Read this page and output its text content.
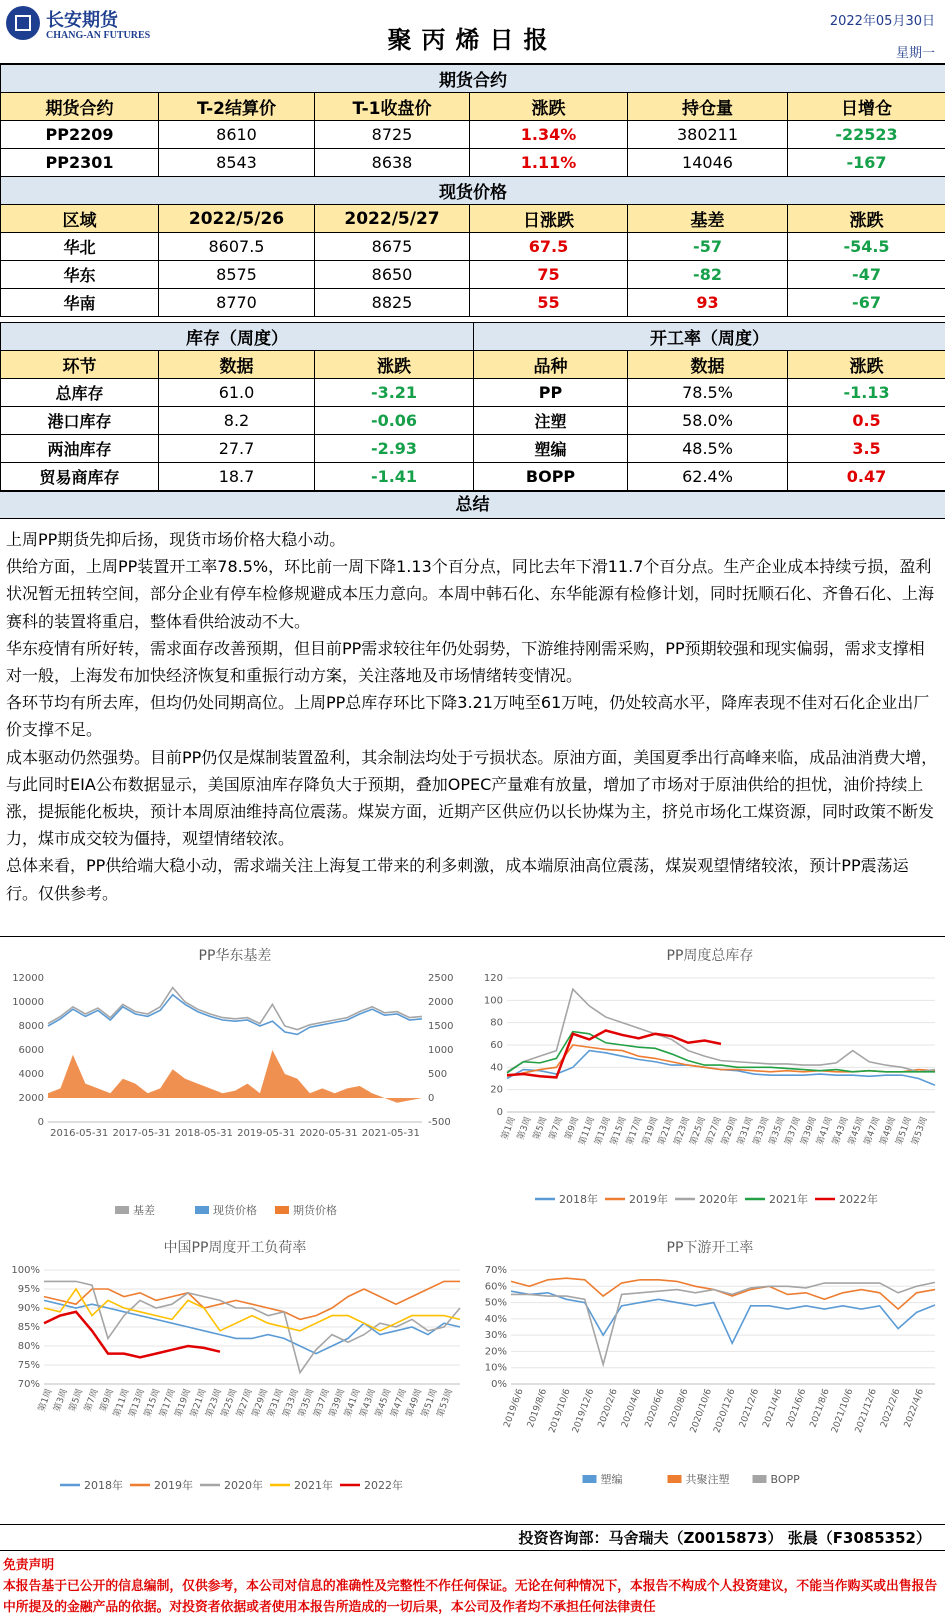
长安期货
CHANG-AN FUTURES	聚丙烯日报
2022年05月30日
星期一
期货合约					
期货合约	T-2结算价	T-1收盘价	涨跌	持仓量	日增仓
PP2209	8610	8725	1.34%	380211	-22523
PP2301	8543	8638	1.11%	14046	-167
现货价格					
区域	2022/5/26	2022/5/27	日涨跌	基差	涨跌
华北	8607.5	8675	67.5	-57	-54.5
华东	8575	8650	75	-82	-47
华南	8770	8825	55	93	-67
库存（周度）			开工率（周度）		
环节	数据	涨跌	品种	数据	涨跌
总库存	61.0	-3.21	PP	78.5%	-1.13
港口库存	8.2	-0.06	注塑	58.0%	0.5
两油库存	27.7	-2.93	塑编	48.5%	3.5
贸易商库存	18.7	-1.41	BOPP	62.4%	0.47
总结

上周PP期货先抑后扬，现货市场价格大稳小动。

供给方面，上周PP装置开工率78.5%，环比前一周下降1.13个百分点，同比去年下滑11.7个百分点。生产企业成本持续亏损，盈利状况暂无扭转空间，部分企业有停车检修规避成本压力意向。本周中韩石化、东华能源有检修计划，同时抚顺石化、齐鲁石化、上海赛科的装置将重启，整体看供给波动不大。

华东疫情有所好转，需求面存改善预期，但目前PP需求较往年仍处弱势，下游维持刚需采购，PP预期较强和现实偏弱，需求支撑相对一般，上海发布加快经济恢复和重振行动方案，关注落地及市场情绪转变情况。

各环节均有所去库，但均仍处同期高位。上周PP总库存环比下降3.21万吨至61万吨，仍处较高水平，降库表现不佳对石化企业出厂价支撑不足。

成本驱动仍然强势。目前PP仍仅是煤制装置盈利，其余制法均处于亏损状态。原油方面，美国夏季出行高峰来临，成品油消费大增，与此同时EIA公布数据显示，美国原油库存降负大于预期，叠加OPEC产量难有放量，增加了市场对于原油供给的担忧，油价持续上涨，提振能化板块，预计本周原油维持高位震荡。煤炭方面，近期产区供应仍以长协煤为主，挤兑市场化工煤资源，同时政策不断发力，煤市成交较为僵持，观望情绪较浓。

总体来看，PP供给端大稳小动，需求端关注上海复工带来的利多刺激，成本端原油高位震荡，煤炭观望情绪较浓，预计PP震荡运行。仅供参考。

PP华东基差
12000
10000
8000
6000
4000
2000
0
2500
2000
1500
1000
500
0
-500
2016-05-31 2017-05-31 2018-05-31 2019-05-31 2020-05-31 2021-05-31
基差	现货价格	期货价格
PP周度总库存
120
100
80
60
40
20
0
第1周
第3周
第5周
第7周
第9周
第11周
第13周
第15周
第17周
第19周
第21周
第23周
第25周
第27周
第29周
第31周
第33周
第35周
第37周
第39周
第41周
第43周
第45周
第47周
第49周
第51周
第53周
2018年	2019年	2020年	2021年	2022年
中国PP周度开工负荷率
100%
95%
90%
85%
80%
75%
70%
第1周
第3周
第5周
第7周
第9周
第11周
第13周
第15周
第17周
第19周
第21周
第23周
第25周
第27周
第29周
第31周
第33周
第35周
第37周
第39周
第41周
第43周
第45周
第47周
第49周
第51周
第53周
2018年	2019年	2020年	2021年	2022年
PP下游开工率
70%
60%
50%
40%
30%
20%
10%
0%
2019/6/6 2019/8/6
2019/10/6
2019/12/6 2020/2/6 2020/4/6 2020/6/6 2020/8/6
2020/10/6
2020/12/6 2021/2/6 2021/4/6 2021/6/6 2021/8/6
2021/10/6
2021/12/6 2022/2/6 2022/4/6
塑编	共聚注塑	BOPP
投资咨询部：马舍瑞夫（Z0015873） 张晨（F3085352）
免责声明
本报告基于已公开的信息编制，仅供参考，本公司对信息的准确性及完整性不作任何保证。无论在何种情况下，本报告不构成个人投资建议，不能当作购买或出售报告中所提及的金融产品的依据。对投资者依据或者使用本报告所造成的一切后果，本公司及作者均不承担任何法律责任
